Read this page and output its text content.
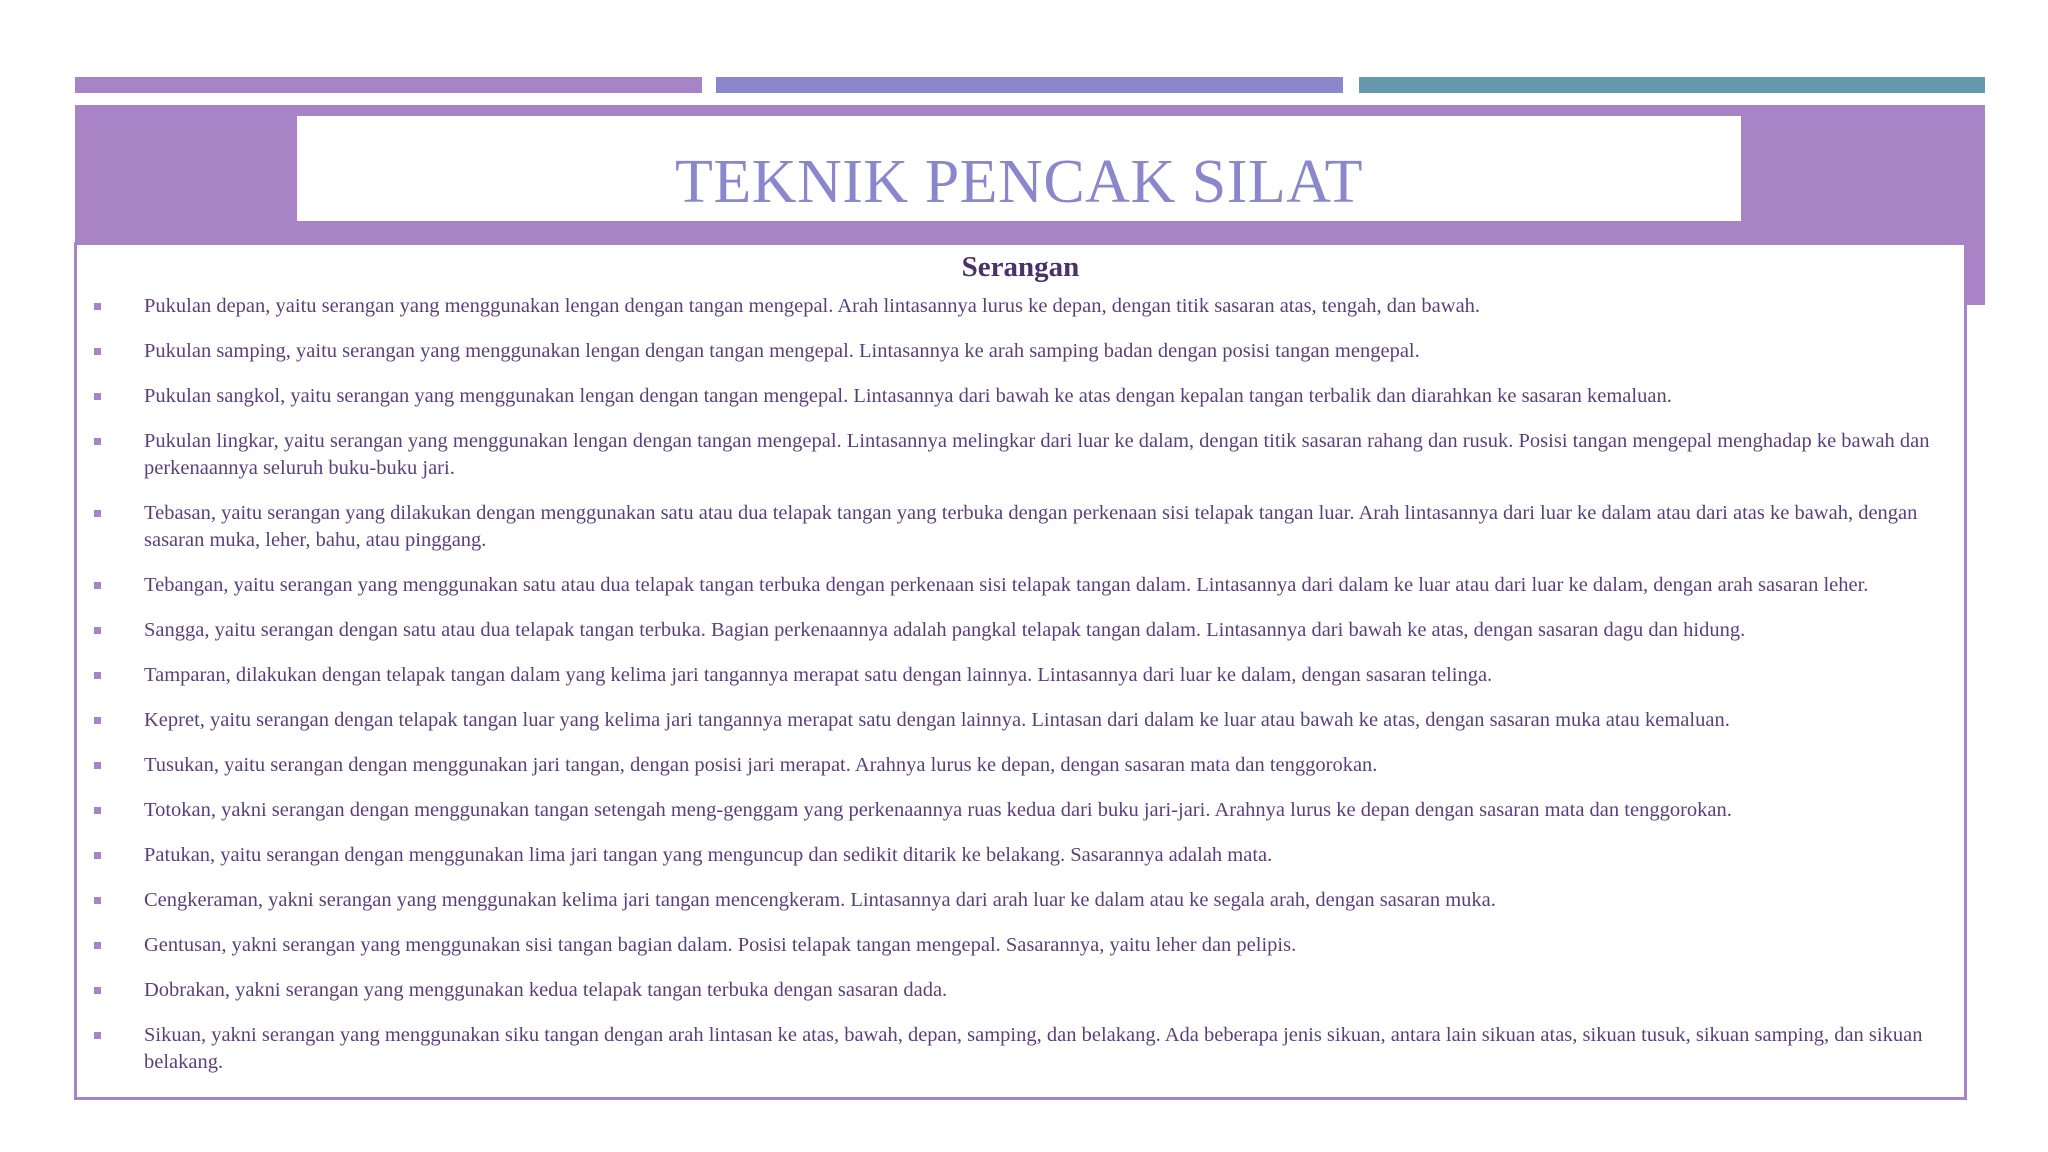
TEKNIK PENCAK SILAT
Serangan
Pukulan depan, yaitu serangan yang menggunakan lengan dengan tangan mengepal. Arah lintasannya lurus ke depan, dengan titik sasaran atas, tengah, dan bawah.
Pukulan samping, yaitu serangan yang menggunakan lengan dengan tangan mengepal. Lintasannya ke arah samping badan dengan posisi tangan mengepal.
Pukulan sangkol, yaitu serangan yang menggunakan lengan dengan tangan mengepal. Lintasannya dari bawah ke atas dengan kepalan tangan terbalik dan diarahkan ke sasaran kemaluan.
Pukulan lingkar, yaitu serangan yang menggunakan lengan dengan tangan mengepal. Lintasannya melingkar dari luar ke dalam, dengan titik sasaran rahang dan rusuk. Posisi tangan mengepal menghadap ke bawah dan perkenaannya seluruh buku-buku jari.
Tebasan, yaitu serangan yang dilakukan dengan menggunakan satu atau dua telapak tangan yang terbuka dengan perkenaan sisi telapak tangan luar. Arah lintasannya dari luar ke dalam atau dari atas ke bawah, dengan sasaran muka, leher, bahu, atau pinggang.
Tebangan, yaitu serangan yang menggunakan satu atau dua telapak tangan terbuka dengan perkenaan sisi telapak tangan dalam. Lintasannya dari dalam ke luar atau dari luar ke dalam, dengan arah sasaran leher.
Sangga, yaitu serangan dengan satu atau dua telapak tangan terbuka. Bagian perkenaannya adalah pangkal telapak tangan dalam. Lintasannya dari bawah ke atas, dengan sasaran dagu dan hidung.
Tamparan, dilakukan dengan telapak tangan dalam yang kelima jari tangannya merapat satu dengan lainnya. Lintasannya dari luar ke dalam, dengan sasaran telinga.
Kepret, yaitu serangan dengan telapak tangan luar yang kelima jari tangannya merapat satu dengan lainnya. Lintasan dari dalam ke luar atau bawah ke atas, dengan sasaran muka atau kemaluan.
Tusukan, yaitu serangan dengan menggunakan jari tangan, dengan posisi jari merapat. Arahnya lurus ke depan, dengan sasaran mata dan tenggorokan.
Totokan, yakni serangan dengan menggunakan tangan setengah meng-genggam yang perkenaannya ruas kedua dari buku jari-jari. Arahnya lurus ke depan dengan sasaran mata dan tenggorokan.
Patukan, yaitu serangan dengan menggunakan lima jari tangan yang menguncup dan sedikit ditarik ke belakang. Sasarannya adalah mata.
Cengkeraman, yakni serangan yang menggunakan kelima jari tangan mencengkeram. Lintasannya dari arah luar ke dalam atau ke segala arah, dengan sasaran muka.
Gentusan, yakni serangan yang menggunakan sisi tangan bagian dalam. Posisi telapak tangan mengepal. Sasarannya, yaitu leher dan pelipis.
Dobrakan, yakni serangan yang menggunakan kedua telapak tangan terbuka dengan sasaran dada.
Sikuan, yakni serangan yang menggunakan siku tangan dengan arah lintasan ke atas, bawah, depan, samping, dan belakang. Ada beberapa jenis sikuan, antara lain sikuan atas, sikuan tusuk, sikuan samping, dan sikuan belakang.
